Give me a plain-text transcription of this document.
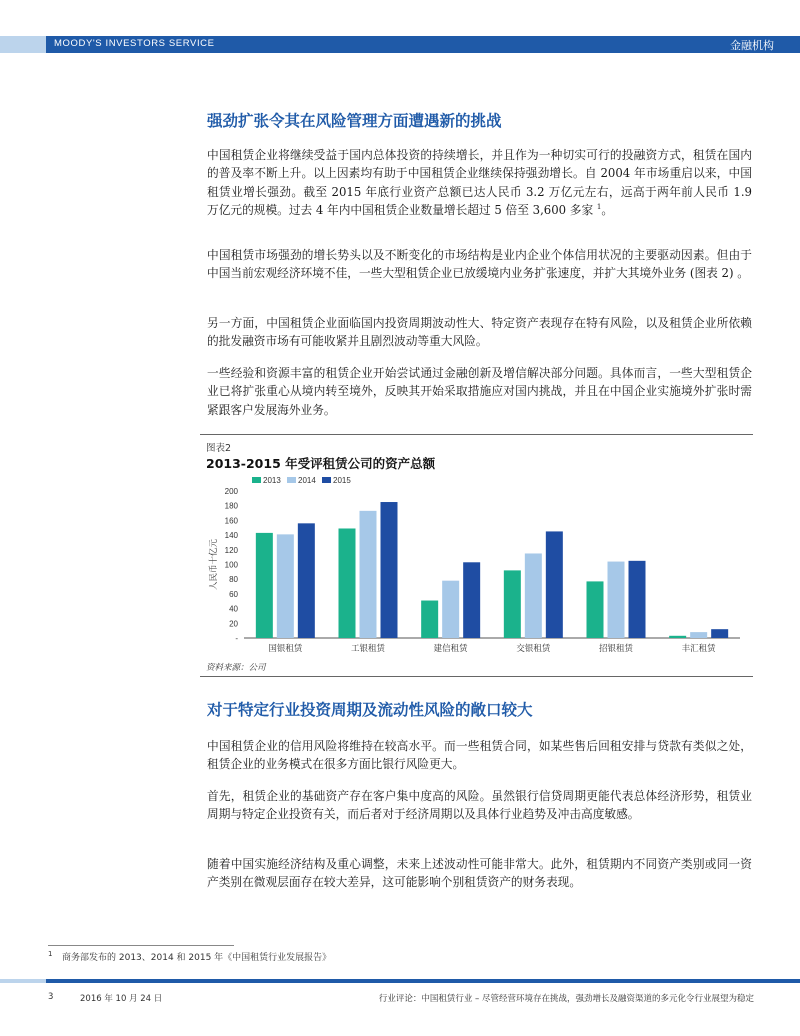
MOODY'S INVESTORS SERVICE	金融机构
强劲扩张令其在风险管理方面遭遇新的挑战

中国租赁企业将继续受益于国内总体投资的持续增长，并且作为一种切实可行的投融资方式，租赁在国内的普及率不断上升。以上因素均有助于中国租赁企业继续保持强劲增长。自 2004 年市场重启以来，中国租赁业增长强劲。截至 2015 年底行业资产总额已达人民币 3.2 万亿元左右，远高于两年前人民币 1.9 万亿元的规模。过去 4 年内中国租赁企业数量增长超过 5 倍至 3,600 多家 $^1$。

中国租赁市场强劲的增长势头以及不断变化的市场结构是业内企业个体信用状况的主要驱动因素。但由于中国当前宏观经济环境不佳，一些大型租赁企业已放缓境内业务扩张速度，并扩大其境外业务 (图表 2) 。

另一方面，中国租赁企业面临国内投资周期波动性大、特定资产表现存在特有风险，以及租赁企业所依赖的批发融资市场有可能收紧并且剧烈波动等重大风险。

一些经验和资源丰富的租赁企业开始尝试通过金融创新及增信解决部分问题。具体而言，一些大型租赁企业已将扩张重心从境内转至境外，反映其开始采取措施应对国内挑战，并且在中国企业实施境外扩张时需紧跟客户发展海外业务。

图表2
2013-2015 年受评租赁公司的资产总额
-
20
40
60
80
100
120
140
160
180
200
人民币十亿元
2013 2014 2015
国银租赁	工银租赁	建信租赁	交银租赁	招银租赁	丰汇租赁
资料来源：公司
对于特定行业投资周期及流动性风险的敞口较大

中国租赁企业的信用风险将维持在较高水平。而一些租赁合同，如某些售后回租安排与贷款有类似之处，租赁企业的业务模式在很多方面比银行风险更大。

首先，租赁企业的基础资产存在客户集中度高的风险。虽然银行信贷周期更能代表总体经济形势，租赁业周期与特定企业投资有关，而后者对于经济周期以及具体行业趋势及冲击高度敏感。

随着中国实施经济结构及重心调整，未来上述波动性可能非常大。此外，租赁期内不同资产类别或同一资产类别在微观层面存在较大差异，这可能影响个别租赁资产的财务表现。

1 商务部发布的 2013、2014 和 2015 年《中国租赁行业发展报告》
3	2016 年 10 月 24 日	行业评论：中国租赁行业 – 尽管经营环境存在挑战，强劲增长及融资渠道的多元化令行业展望为稳定
